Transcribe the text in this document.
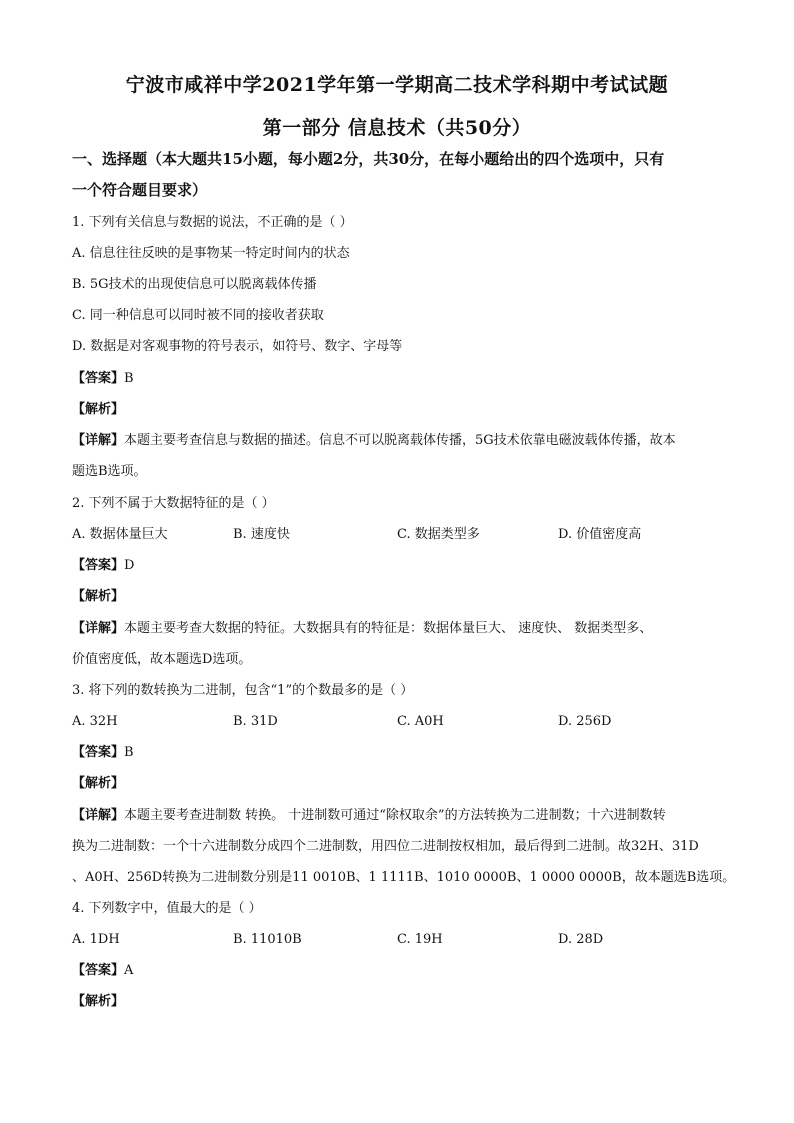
宁波市咸祥中学2021学年第一学期高二技术学科期中考试试题
第一部分 信息技术（共50分）
一、选择题（本大题共15小题，每小题2分，共30分，在每小题给出的四个选项中，只有
一个符合题目要求）
1. 下列有关信息与数据的说法，不正确的是（ ）
A. 信息往往反映的是事物某一特定时间内的状态
B. 5G技术的出现使信息可以脱离载体传播
C. 同一种信息可以同时被不同的接收者获取
D. 数据是对客观事物的符号表示，如符号、数字、字母等
【答案】B
【解析】
【详解】本题主要考查信息与数据的描述。信息不可以脱离载体传播，5G技术依靠电磁波载体传播，故本
题选B选项。
2. 下列不属于大数据特征的是（ ）
A. 数据体量巨大	B. 速度快	C. 数据类型多	D. 价值密度高
【答案】D
【解析】
【详解】本题主要考查大数据的特征。大数据具有的特征是：数据体量巨大、 速度快、 数据类型多、
价值密度低，故本题选D选项。
3. 将下列的数转换为二进制，包含“1”的个数最多的是（ ）
A. 32H	B. 31D	C. A0H	D. 256D
【答案】B
【解析】
【详解】本题主要考查进制数 转换。 十进制数可通过“除权取余”的方法转换为二进制数；十六进制数转
换为二进制数：一个十六进制数分成四个二进制数，用四位二进制按权相加，最后得到二进制。故32H、31D
、A0H、256D转换为二进制数分别是11 0010B、1 1111B、1010 0000B、1 0000 0000B，故本题选B选项。
4. 下列数字中，值最大的是（ ）
A. 1DH	B. 11010B	C. 19H	D. 28D
【答案】A
【解析】
